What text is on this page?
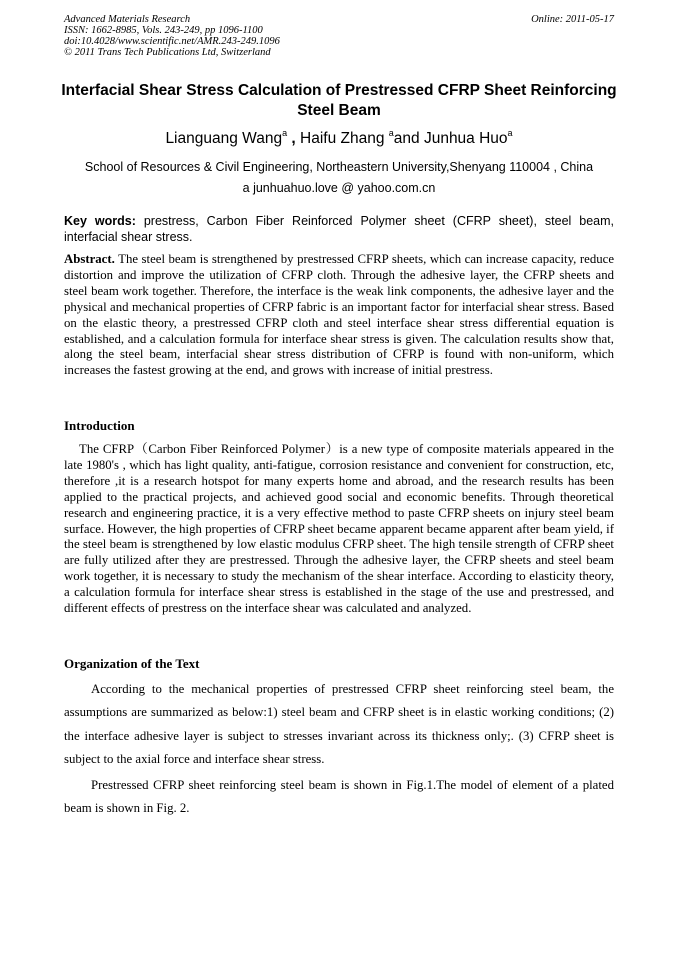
Advanced Materials Research
ISSN: 1662-8985, Vols. 243-249, pp 1096-1100
doi:10.4028/www.scientific.net/AMR.243-249.1096
© 2011 Trans Tech Publications Ltd, Switzerland
Online: 2011-05-17
Interfacial Shear Stress Calculation of Prestressed CFRP Sheet Reinforcing Steel Beam
Lianguang Wang$^a$ , Haifu Zhang $^a$and Junhua Huo$^a$
School of Resources & Civil Engineering, Northeastern University,Shenyang 110004 , China
a junhuahuo.love @ yahoo.com.cn
Key words: prestress, Carbon Fiber Reinforced Polymer sheet (CFRP sheet), steel beam, interfacial shear stress.
Abstract. The steel beam is strengthened by prestressed CFRP sheets, which can increase capacity, reduce distortion and improve the utilization of CFRP cloth. Through the adhesive layer, the CFRP sheets and steel beam work together. Therefore, the interface is the weak link components, the adhesive layer and the physical and mechanical properties of CFRP fabric is an important factor for interfacial shear stress. Based on the elastic theory, a prestressed CFRP cloth and steel interface shear stress differential equation is established, and a calculation formula for interface shear stress is given. The calculation results show that, along the steel beam, interfacial shear stress distribution of CFRP is found with non-uniform, which increases the fastest growing at the end, and grows with increase of initial prestress.
Introduction
The CFRP（Carbon Fiber Reinforced Polymer）is a new type of composite materials appeared in the late 1980's , which has light quality, anti-fatigue, corrosion resistance and convenient for construction, etc, therefore ,it is a research hotspot for many experts home and abroad, and the research results has been applied to the practical projects, and achieved good social and economic benefits. Through theoretical research and engineering practice, it is a very effective method to paste CFRP sheets on injury steel beam surface. However, the high properties of CFRP sheet became apparent became apparent after beam yield, if the steel beam is strengthened by low elastic modulus CFRP sheet. The high tensile strength of CFRP sheet are fully utilized after they are prestressed. Through the adhesive layer, the CFRP sheets and steel beam work together, it is necessary to study the mechanism of the shear interface. According to elasticity theory, a calculation formula for interface shear stress is established in the stage of the use and prestressed, and different effects of prestress on the interface shear was calculated and analyzed.
Organization of the Text
According to the mechanical properties of prestressed CFRP sheet reinforcing steel beam, the assumptions are summarized as below:1) steel beam and CFRP sheet is in elastic working conditions; (2) the interface adhesive layer is subject to stresses invariant across its thickness only;. (3) CFRP sheet is subject to the axial force and interface shear stress.
Prestressed CFRP sheet reinforcing steel beam is shown in Fig.1.The model of element of a plated beam is shown in Fig. 2.
